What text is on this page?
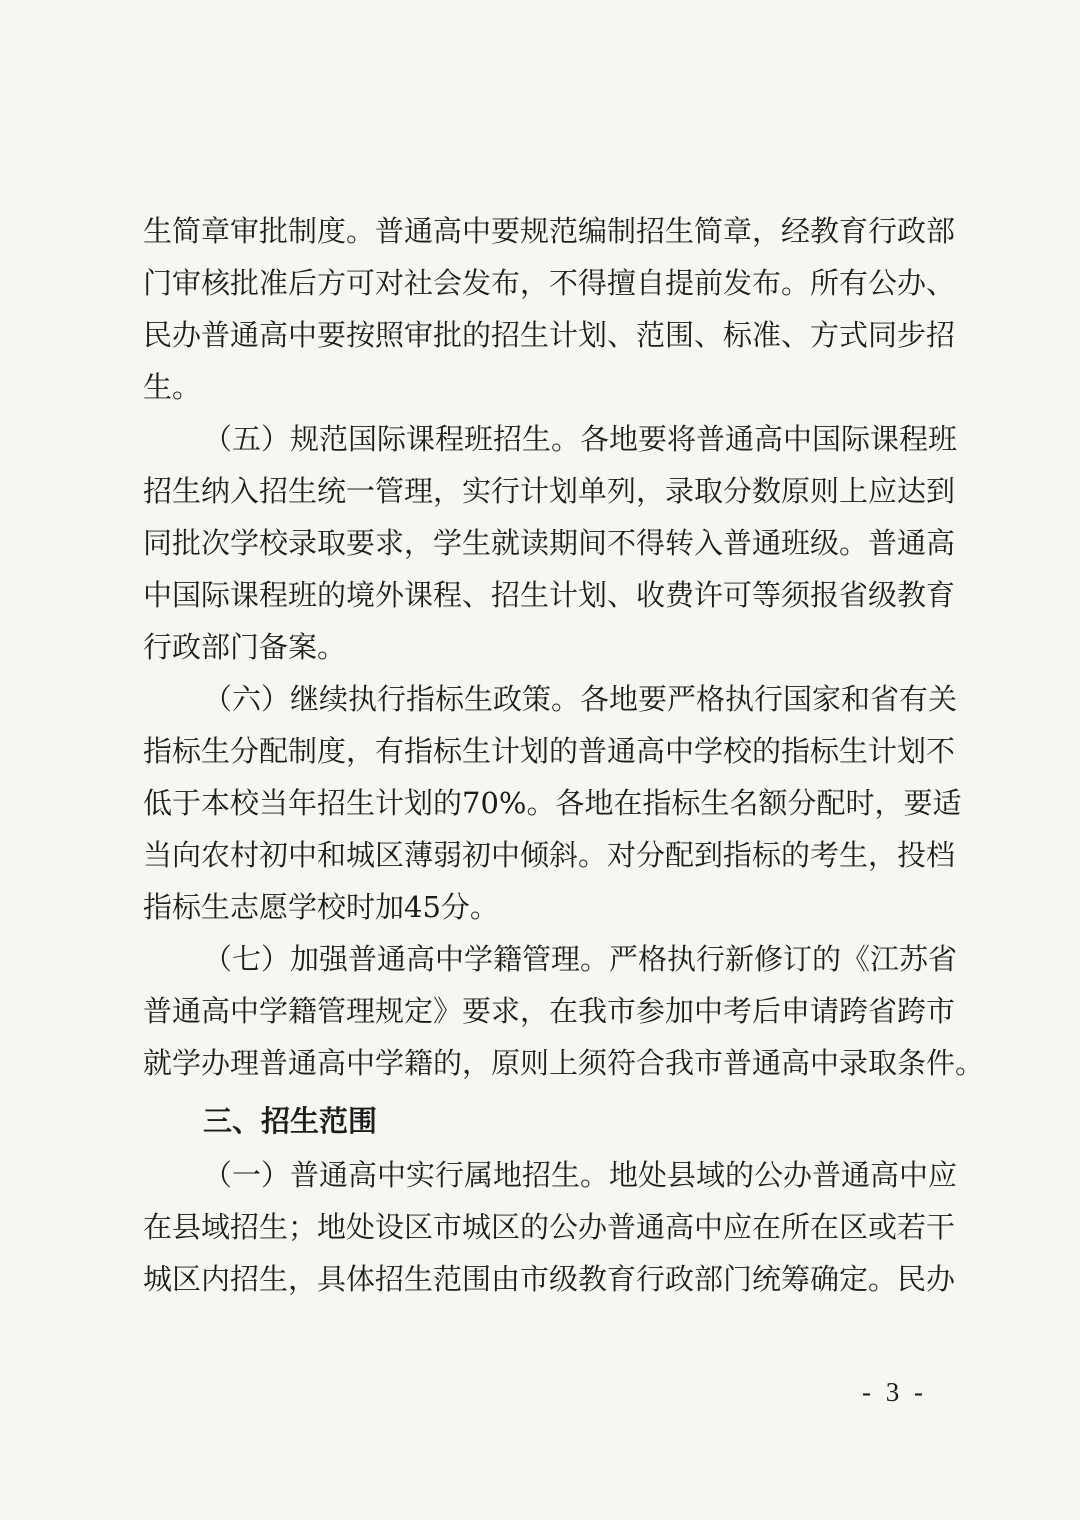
生简章审批制度。普通高中要规范编制招生简章，经教育行政部
门审核批准后方可对社会发布，不得擅自提前发布。所有公办、
民办普通高中要按照审批的招生计划、范围、标准、方式同步招
生。
（五）规范国际课程班招生。各地要将普通高中国际课程班
招生纳入招生统一管理，实行计划单列，录取分数原则上应达到
同批次学校录取要求，学生就读期间不得转入普通班级。普通高
中国际课程班的境外课程、招生计划、收费许可等须报省级教育
行政部门备案。
（六）继续执行指标生政策。各地要严格执行国家和省有关
指标生分配制度，有指标生计划的普通高中学校的指标生计划不
低于本校当年招生计划的70%。各地在指标生名额分配时，要适
当向农村初中和城区薄弱初中倾斜。对分配到指标的考生，投档
指标生志愿学校时加45分。
（七）加强普通高中学籍管理。严格执行新修订的《江苏省
普通高中学籍管理规定》要求，在我市参加中考后申请跨省跨市
就学办理普通高中学籍的，原则上须符合我市普通高中录取条件。
三、招生范围
（一）普通高中实行属地招生。地处县域的公办普通高中应
在县域招生；地处设区市城区的公办普通高中应在所在区或若干
城区内招生，具体招生范围由市级教育行政部门统筹确定。民办
- 3 -
